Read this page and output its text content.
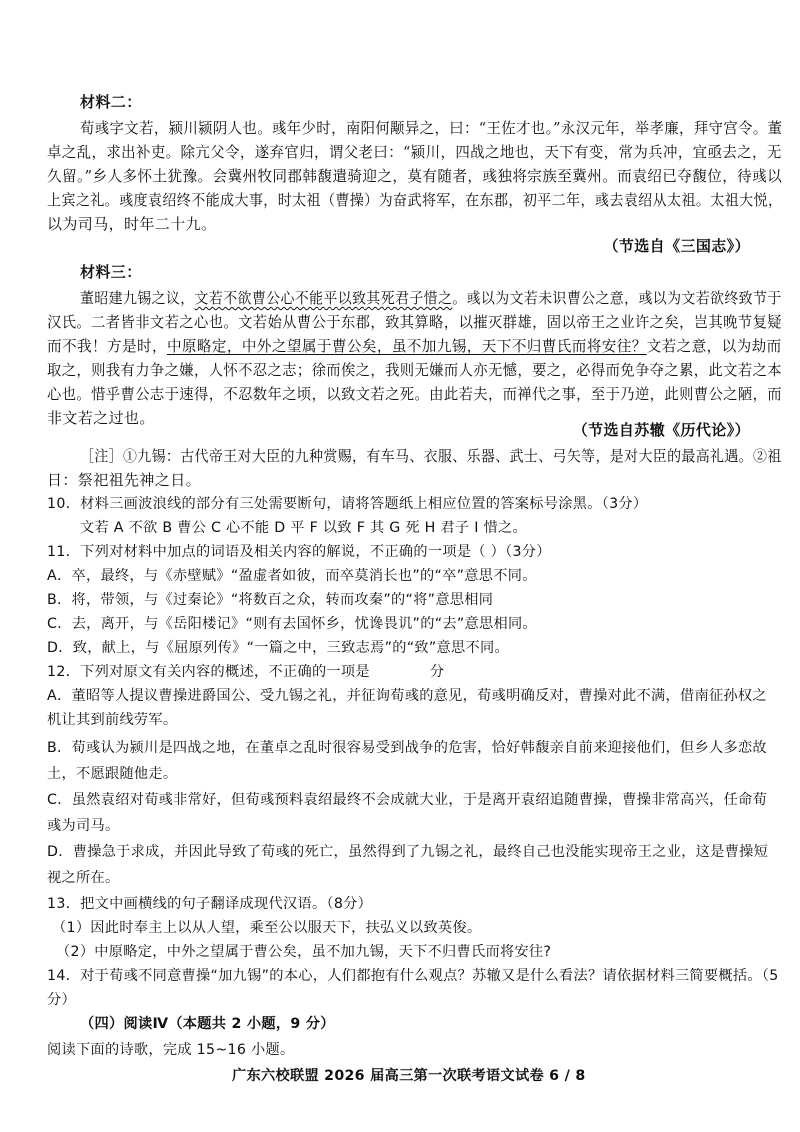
材料二：
荀彧字文若，颍川颍阴人也。彧年少时，南阳何颙异之，曰：“王佐才也。”永汉元年，举孝廉，拜守宫令。董
卓之乱，求出补吏。除亢父令，遂弃官归，谓父老曰：“颍川，四战之地也，天下有变，常为兵冲，宜亟去之，无
久留。”乡人多怀土犹豫。会冀州牧同郡韩馥遣骑迎之，莫有随者，彧独将宗族至冀州。而袁绍已夺馥位，待彧以
上宾之礼。彧度袁绍终不能成大事，时太祖（曹操）为奋武将军，在东郡，初平二年，彧去袁绍从太祖。太祖大悦，
以为司马，时年二十九。
（节选自《三国志》）
材料三：
董昭建九锡之议，文若不欲曹公心不能平以致其死君子惜之。彧以为文若未识曹公之意，彧以为文若欲终致节于
汉氏。二者皆非文若之心也。文若始从曹公于东郡，致其算略，以摧灭群雄，固以帝王之业许之矣，岂其晚节复疑
而不我！方是时，中原略定，中外之望属于曹公矣，虽不加九锡，天下不归曹氏而将安往？文若之意，以为劫而
取之，则我有力争之嫌，人怀不忍之志；徐而俟之，我则无嫌而人亦无憾，要之，必得而免争夺之累，此文若之本
心也。惜乎曹公志于速得，不忍数年之顷，以致文若之死。由此若夫，而禅代之事，至于乃逆，此则曹公之陋，而
非文若之过也。
（节选自苏辙《历代论》）
［注］①九锡：古代帝王对大臣的九种赏赐，有车马、衣服、乐器、武士、弓矢等，是对大臣的最高礼遇。②祖
日：祭祀祖先神之日。
10．材料三画波浪线的部分有三处需要断句，请将答题纸上相应位置的答案标号涂黑。（3分）
文若 A 不欲 B 曹公 C 心不能 D 平 F 以致 F 其 G 死 H 君子 I 惜之。
11．下列对材料中加点的词语及相关内容的解说，不正确的一项是（ ）（3分）
A．卒，最终，与《赤壁赋》“盈虚者如彼，而卒莫消长也”的“卒”意思不同。
B．将，带领，与《过秦论》“将数百之众，转而攻秦”的“将”意思相同
C．去，离开，与《岳阳楼记》“则有去国怀乡，忧谗畏讥”的“去”意思相同。
D．致，献上，与《屈原列传》“一篇之中，三致志焉”的“致”意思不同。
12．下列对原文有关内容的概述，不正确的一项是	分
A．董昭等人提议曹操进爵国公、受九锡之礼，并征询荀彧的意见，荀彧明确反对，曹操对此不满，借南征孙权之
机让其到前线劳军。
B．荀彧认为颍川是四战之地，在董卓之乱时很容易受到战争的危害，恰好韩馥亲自前来迎接他们，但乡人多恋故
土，不愿跟随他走。
C．虽然袁绍对荀彧非常好，但荀彧预料袁绍最终不会成就大业，于是离开袁绍追随曹操，曹操非常高兴，任命荀
彧为司马。
D．曹操急于求成，并因此导致了荀彧的死亡，虽然得到了九锡之礼，最终自己也没能实现帝王之业，这是曹操短
视之所在。
13．把文中画横线的句子翻译成现代汉语。（8分）
（1）因此时奉主上以从人望，乘至公以服天下，扶弘义以致英俊。
（2）中原略定，中外之望属于曹公矣，虽不加九锡，天下不归曹氏而将安往?
14．对于荀彧不同意曹操“加九锡”的本心，人们都抱有什么观点？苏辙又是什么看法？请依据材料三简要概括。（5
分）
（四）阅读Ⅳ（本题共 2 小题，9 分）
阅读下面的诗歌，完成 15~16 小题。
广东六校联盟 2026 届高三第一次联考语文试卷 6 / 8
